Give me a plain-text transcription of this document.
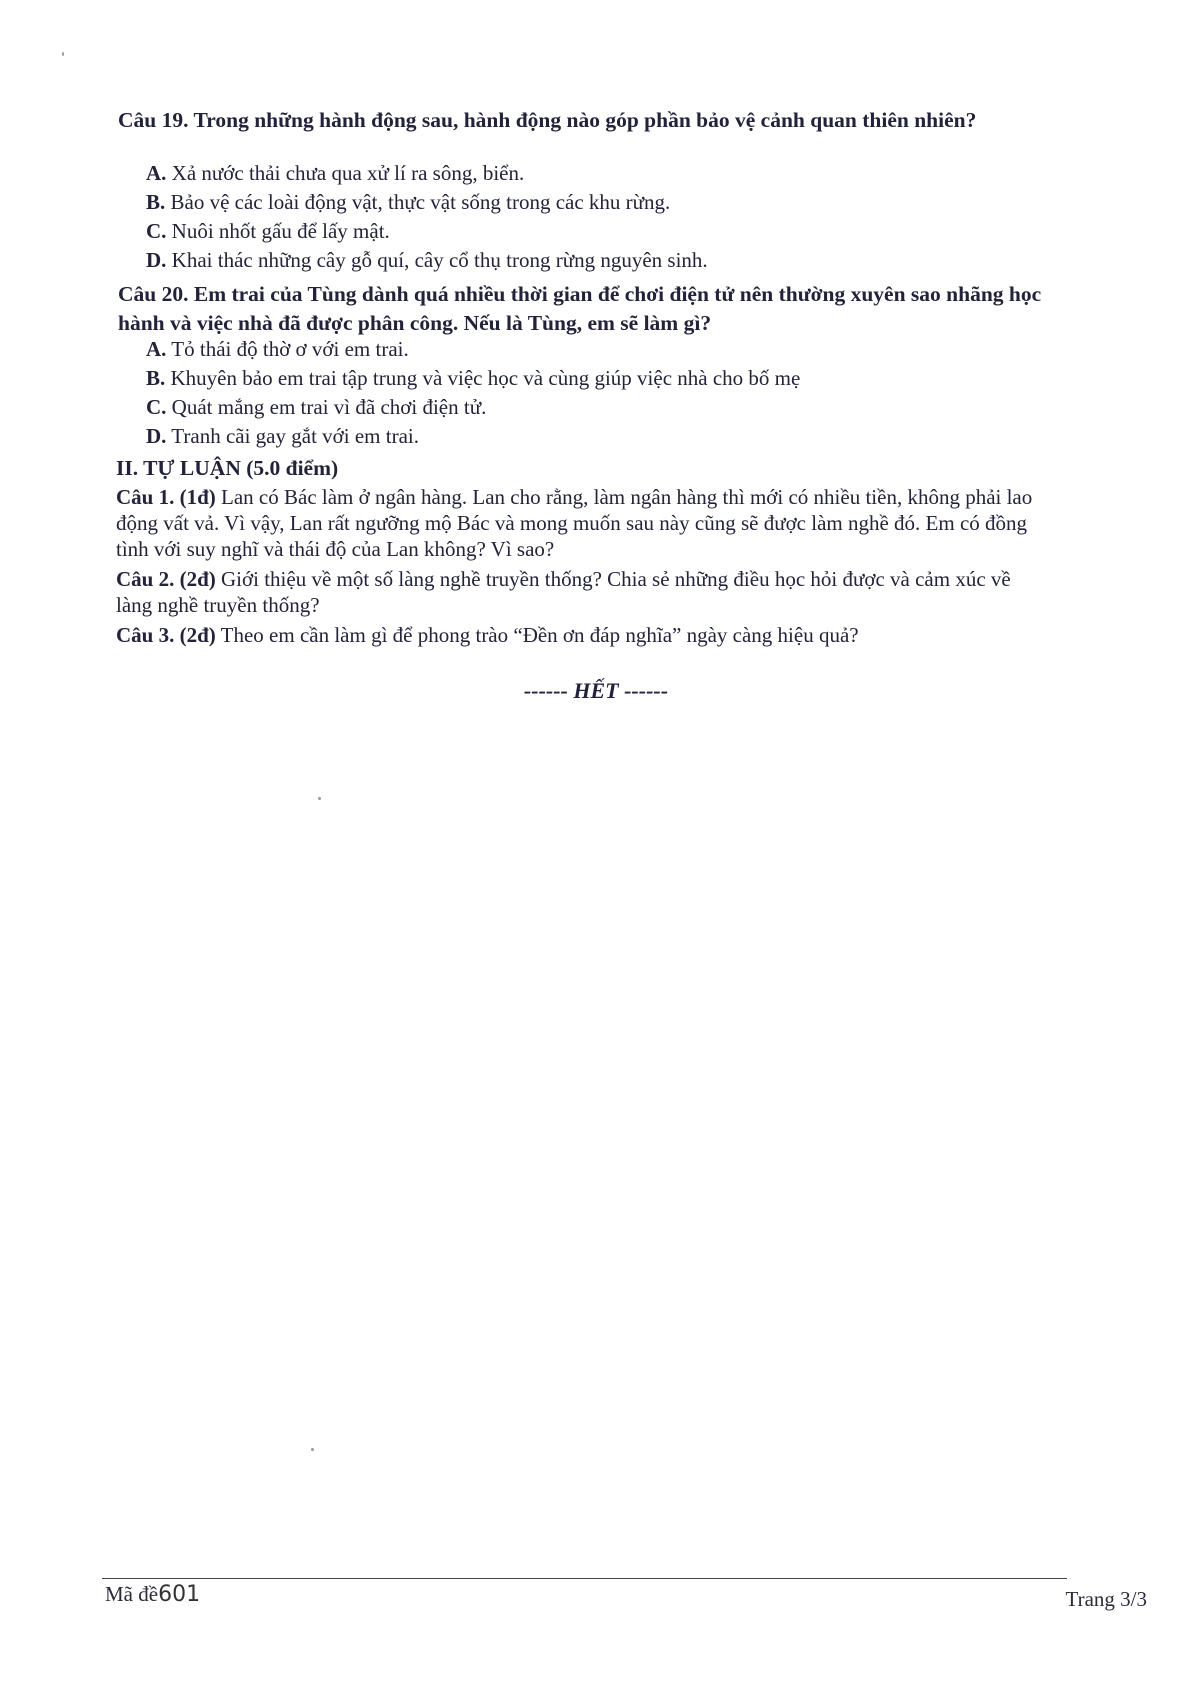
Câu 19. Trong những hành động sau, hành động nào góp phần bảo vệ cảnh quan thiên nhiên?
A. Xả nước thải chưa qua xử lí ra sông, biển.
B. Bảo vệ các loài động vật, thực vật sống trong các khu rừng.
C. Nuôi nhốt gấu để lấy mật.
D. Khai thác những cây gỗ quí, cây cổ thụ trong rừng nguyên sinh.
Câu 20. Em trai của Tùng dành quá nhiều thời gian để chơi điện tử nên thường xuyên sao nhãng học hành và việc nhà đã được phân công. Nếu là Tùng, em sẽ làm gì?
A. Tỏ thái độ thờ ơ với em trai.
B. Khuyên bảo em trai tập trung và việc học và cùng giúp việc nhà cho bố mẹ
C. Quát mắng em trai vì đã chơi điện tử.
D. Tranh cãi gay gắt với em trai.
II. TỰ LUẬN (5.0 điểm)
Câu 1. (1đ) Lan có Bác làm ở ngân hàng. Lan cho rằng, làm ngân hàng thì mới có nhiều tiền, không phải lao động vất vả. Vì vậy, Lan rất ngưỡng mộ Bác và mong muốn sau này cũng sẽ được làm nghề đó. Em có đồng tình với suy nghĩ và thái độ của Lan không? Vì sao?
Câu 2. (2đ) Giới thiệu về một số làng nghề truyền thống? Chia sẻ những điều học hỏi được và cảm xúc về làng nghề truyền thống?
Câu 3. (2đ) Theo em cần làm gì để phong trào “Đền ơn đáp nghĩa” ngày càng hiệu quả?
------ HẾT ------
Mã đề601	Trang 3/3
